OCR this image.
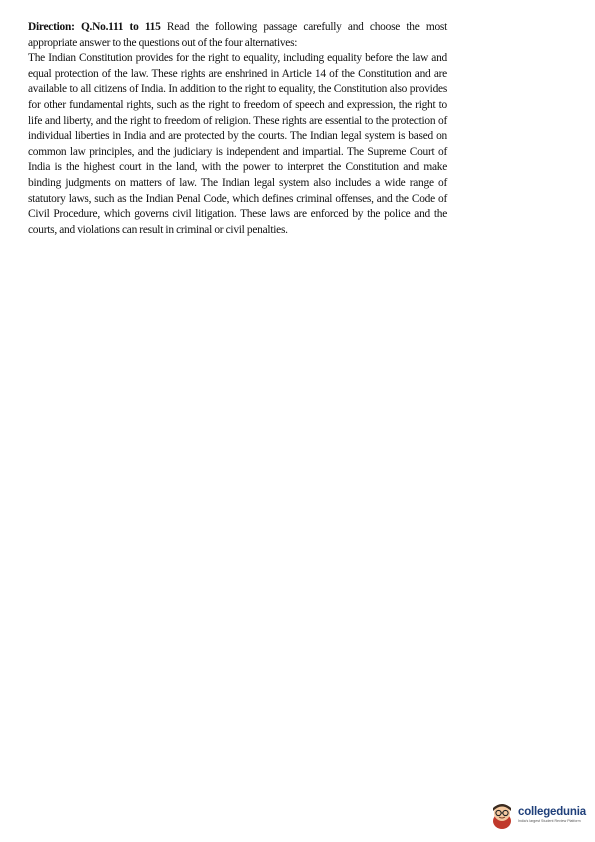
Direction: Q.No.111 to 115 Read the following passage carefully and choose the most appropriate answer to the questions out of the four alternatives:

The Indian Constitution provides for the right to equality, including equality before the law and equal protection of the law. These rights are enshrined in Article 14 of the Constitution and are available to all citizens of India. In addition to the right to equality, the Constitution also provides for other fundamental rights, such as the right to freedom of speech and expression, the right to life and liberty, and the right to freedom of religion. These rights are essential to the protection of individual liberties in India and are protected by the courts. The Indian legal system is based on common law principles, and the judiciary is independent and impartial. The Supreme Court of India is the highest court in the land, with the power to interpret the Constitution and make binding judgments on matters of law. The Indian legal system also includes a wide range of statutory laws, such as the Indian Penal Code, which defines criminal offenses, and the Code of Civil Procedure, which governs civil litigation. These laws are enforced by the police and the courts, and violations can result in criminal or civil penalties.

collegedunia
India's largest Student Review Platform
